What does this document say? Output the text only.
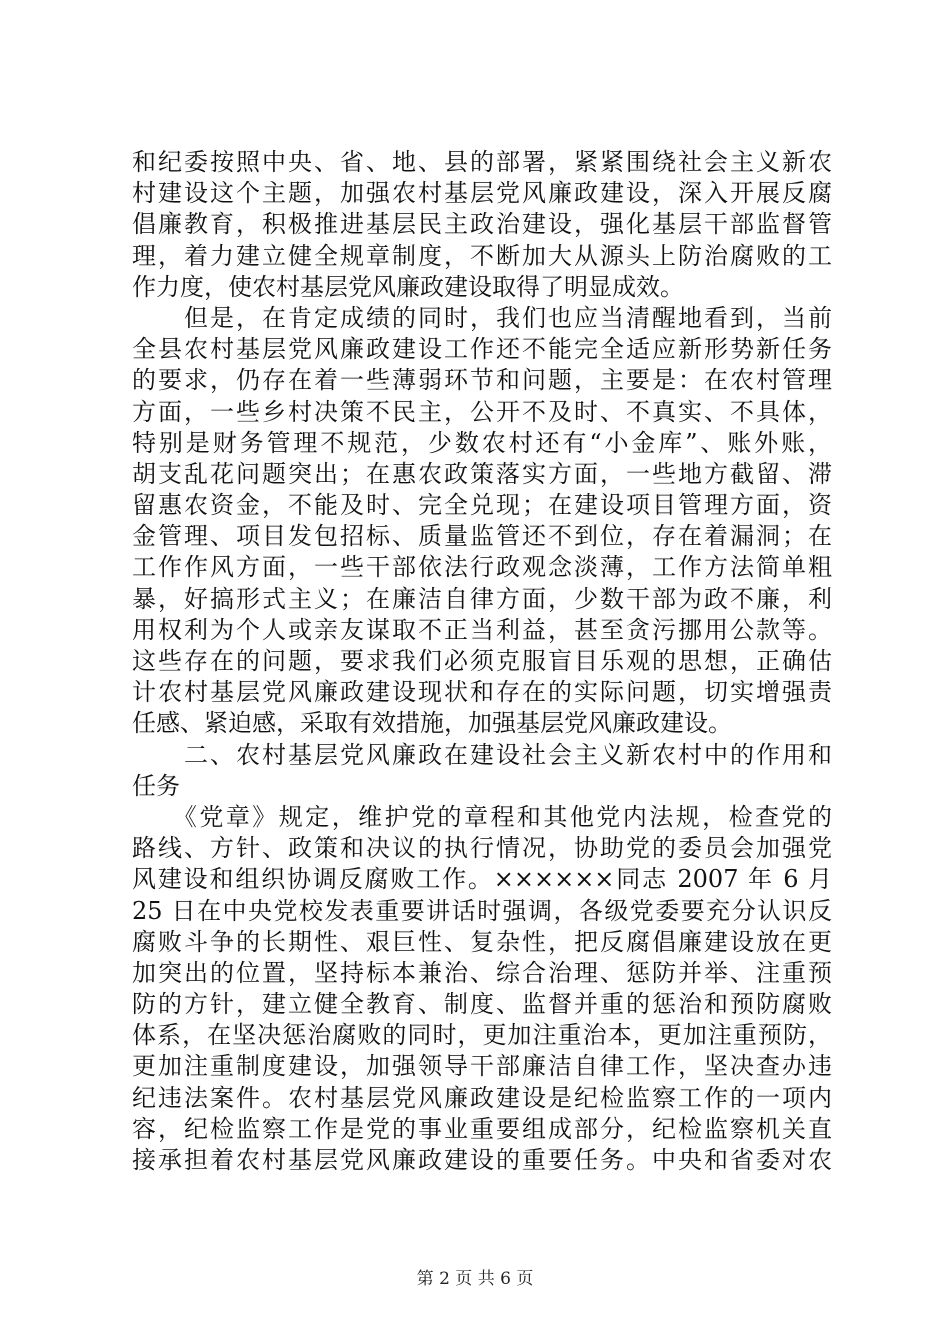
和纪委按照中央、省、地、县的部署，紧紧围绕社会主义新农
村建设这个主题，加强农村基层党风廉政建设，深入开展反腐
倡廉教育，积极推进基层民主政治建设，强化基层干部监督管
理，着力建立健全规章制度，不断加大从源头上防治腐败的工
作力度，使农村基层党风廉政建设取得了明显成效。
　　但是，在肯定成绩的同时，我们也应当清醒地看到，当前
全县农村基层党风廉政建设工作还不能完全适应新形势新任务
的要求，仍存在着一些薄弱环节和问题，主要是：在农村管理
方面，一些乡村决策不民主，公开不及时、不真实、不具体，
特别是财务管理不规范，少数农村还有“小金库”、账外账，
胡支乱花问题突出；在惠农政策落实方面，一些地方截留、滞
留惠农资金，不能及时、完全兑现；在建设项目管理方面，资
金管理、项目发包招标、质量监管还不到位，存在着漏洞；在
工作作风方面，一些干部依法行政观念淡薄，工作方法简单粗
暴，好搞形式主义；在廉洁自律方面，少数干部为政不廉，利
用权利为个人或亲友谋取不正当利益，甚至贪污挪用公款等。
这些存在的问题，要求我们必须克服盲目乐观的思想，正确估
计农村基层党风廉政建设现状和存在的实际问题，切实增强责
任感、紧迫感，采取有效措施，加强基层党风廉政建设。
　　二、农村基层党风廉政在建设社会主义新农村中的作用和
任务
　　《党章》规定，维护党的章程和其他党内法规，检查党的
路线、方针、政策和决议的执行情况，协助党的委员会加强党
风建设和组织协调反腐败工作。××××××同志 2007 年 6 月
25 日在中央党校发表重要讲话时强调，各级党委要充分认识反
腐败斗争的长期性、艰巨性、复杂性，把反腐倡廉建设放在更
加突出的位置，坚持标本兼治、综合治理、惩防并举、注重预
防的方针，建立健全教育、制度、监督并重的惩治和预防腐败
体系，在坚决惩治腐败的同时，更加注重治本，更加注重预防，
更加注重制度建设，加强领导干部廉洁自律工作，坚决查办违
纪违法案件。农村基层党风廉政建设是纪检监察工作的一项内
容，纪检监察工作是党的事业重要组成部分，纪检监察机关直
接承担着农村基层党风廉政建设的重要任务。中央和省委对农
第 2 页 共 6 页
